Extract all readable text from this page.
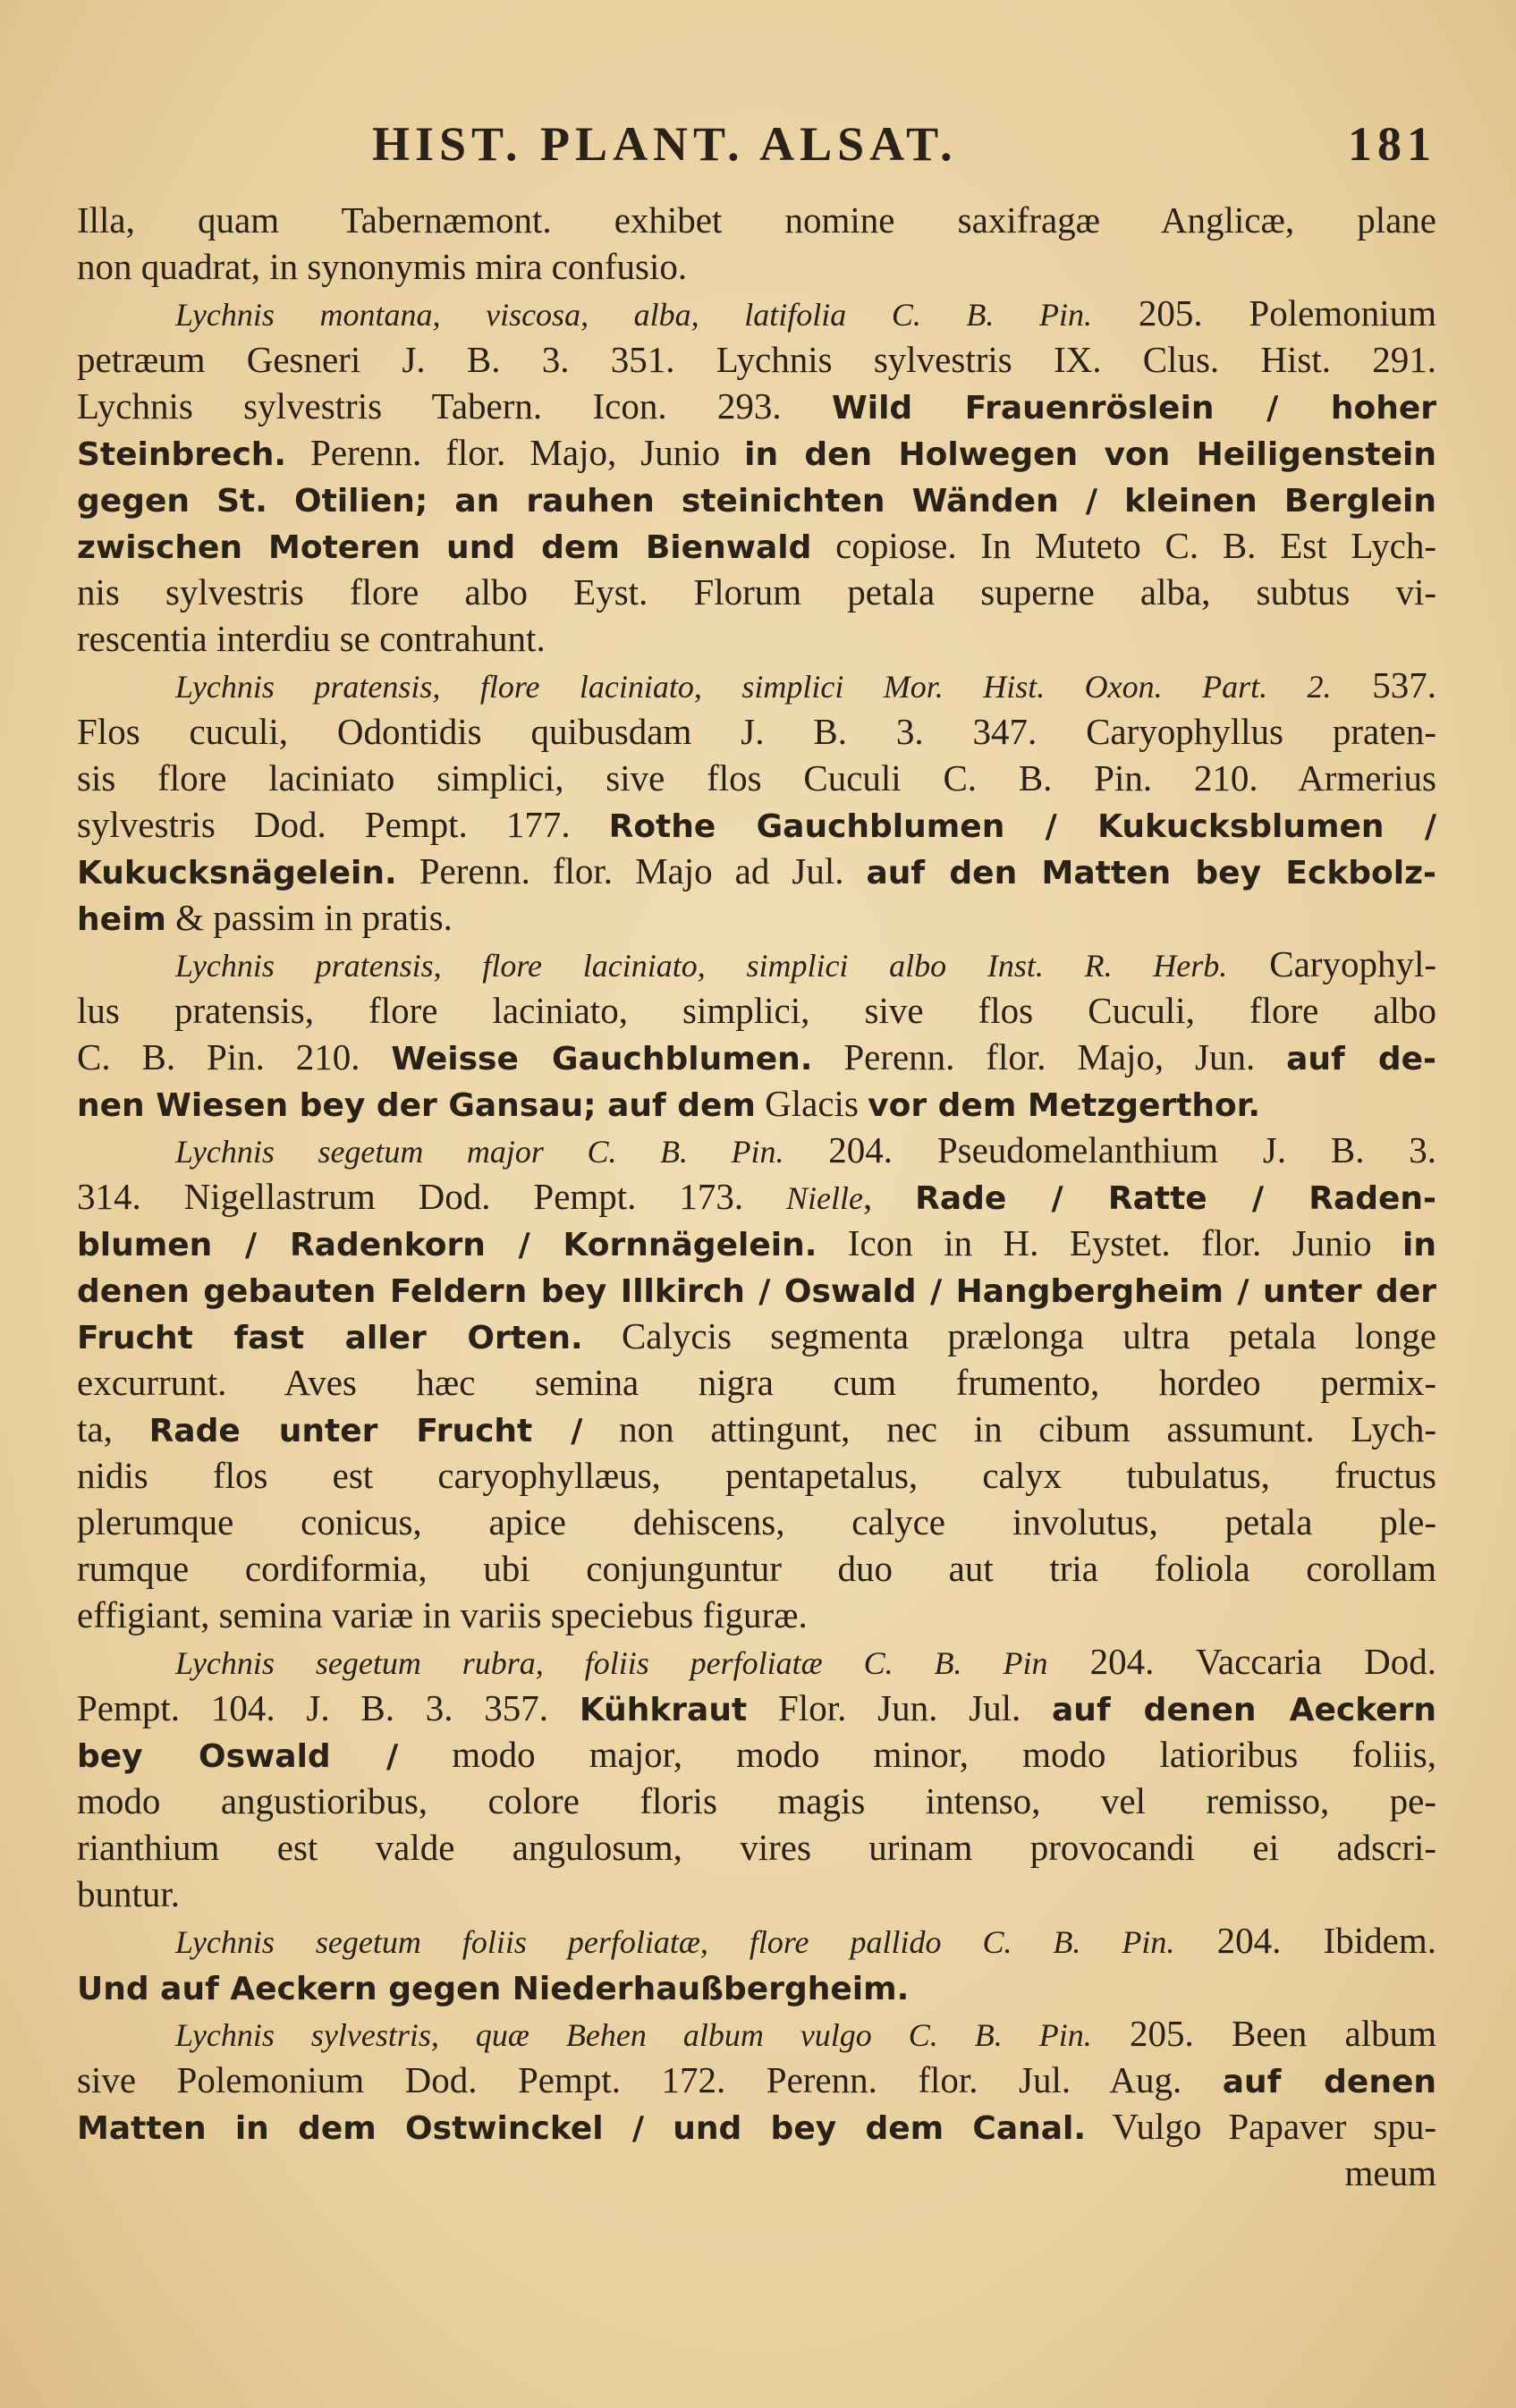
HIST. PLANT. ALSAT.	181
Illa, quam Tabernæmont. exhibet nomine saxifragæ Anglicæ, plane
non quadrat, in synonymis mira confusio.
Lychnis montana, viscosa, alba, latifolia C. B. Pin. 205. Polemonium
petræum Gesneri J. B. 3. 351. Lychnis sylvestris IX. Clus. Hist. 291.
Lychnis sylvestris Tabern. Icon. 293. Wild Frauenröslein / hoher
Steinbrech. Perenn. flor. Majo, Junio in den Holwegen von Heiligenstein
gegen St. Otilien; an rauhen steinichten Wänden / kleinen Berglein
zwischen Moteren und dem Bienwald copiose. In Muteto C. B. Est Lych-
nis sylvestris flore albo Eyst. Florum petala superne alba, subtus vi-
rescentia interdiu se contrahunt.
Lychnis pratensis, flore laciniato, simplici Mor. Hist. Oxon. Part. 2. 537.
Flos cuculi, Odontidis quibusdam J. B. 3. 347. Caryophyllus praten-
sis flore laciniato simplici, sive flos Cuculi C. B. Pin. 210. Armerius
sylvestris Dod. Pempt. 177. Rothe Gauchblumen / Kukucksblumen /
Kukucksnägelein. Perenn. flor. Majo ad Jul. auf den Matten bey Eckbolz-
heim & passim in pratis.
Lychnis pratensis, flore laciniato, simplici albo Inst. R. Herb. Caryophyl-
lus pratensis, flore laciniato, simplici, sive flos Cuculi, flore albo
C. B. Pin. 210. Weisse Gauchblumen. Perenn. flor. Majo, Jun. auf de-
nen Wiesen bey der Gansau; auf dem Glacis vor dem Metzgerthor.
Lychnis segetum major C. B. Pin. 204. Pseudomelanthium J. B. 3.
314. Nigellastrum Dod. Pempt. 173. Nielle, Rade / Ratte / Raden-
blumen / Radenkorn / Kornnägelein. Icon in H. Eystet. flor. Junio in
denen gebauten Feldern bey Illkirch / Oswald / Hangbergheim / unter der
Frucht fast aller Orten. Calycis segmenta prælonga ultra petala longe
excurrunt. Aves hæc semina nigra cum frumento, hordeo permix-
ta, Rade unter Frucht / non attingunt, nec in cibum assumunt. Lych-
nidis flos est caryophyllæus, pentapetalus, calyx tubulatus, fructus
plerumque conicus, apice dehiscens, calyce involutus, petala ple-
rumque cordiformia, ubi conjunguntur duo aut tria foliola corollam
effigiant, semina variæ in variis speciebus figuræ.
Lychnis segetum rubra, foliis perfoliatæ C. B. Pin 204. Vaccaria Dod.
Pempt. 104. J. B. 3. 357. Kühkraut Flor. Jun. Jul. auf denen Aeckern
bey Oswald / modo major, modo minor, modo latioribus foliis,
modo angustioribus, colore floris magis intenso, vel remisso, pe-
rianthium est valde angulosum, vires urinam provocandi ei adscri-
buntur.
Lychnis segetum foliis perfoliatæ, flore pallido C. B. Pin. 204. Ibidem.
Und auf Aeckern gegen Niederhaußbergheim.
Lychnis sylvestris, quæ Behen album vulgo C. B. Pin. 205. Been album
sive Polemonium Dod. Pempt. 172. Perenn. flor. Jul. Aug. auf denen
Matten in dem Ostwinckel / und bey dem Canal. Vulgo Papaver spu-
meum
